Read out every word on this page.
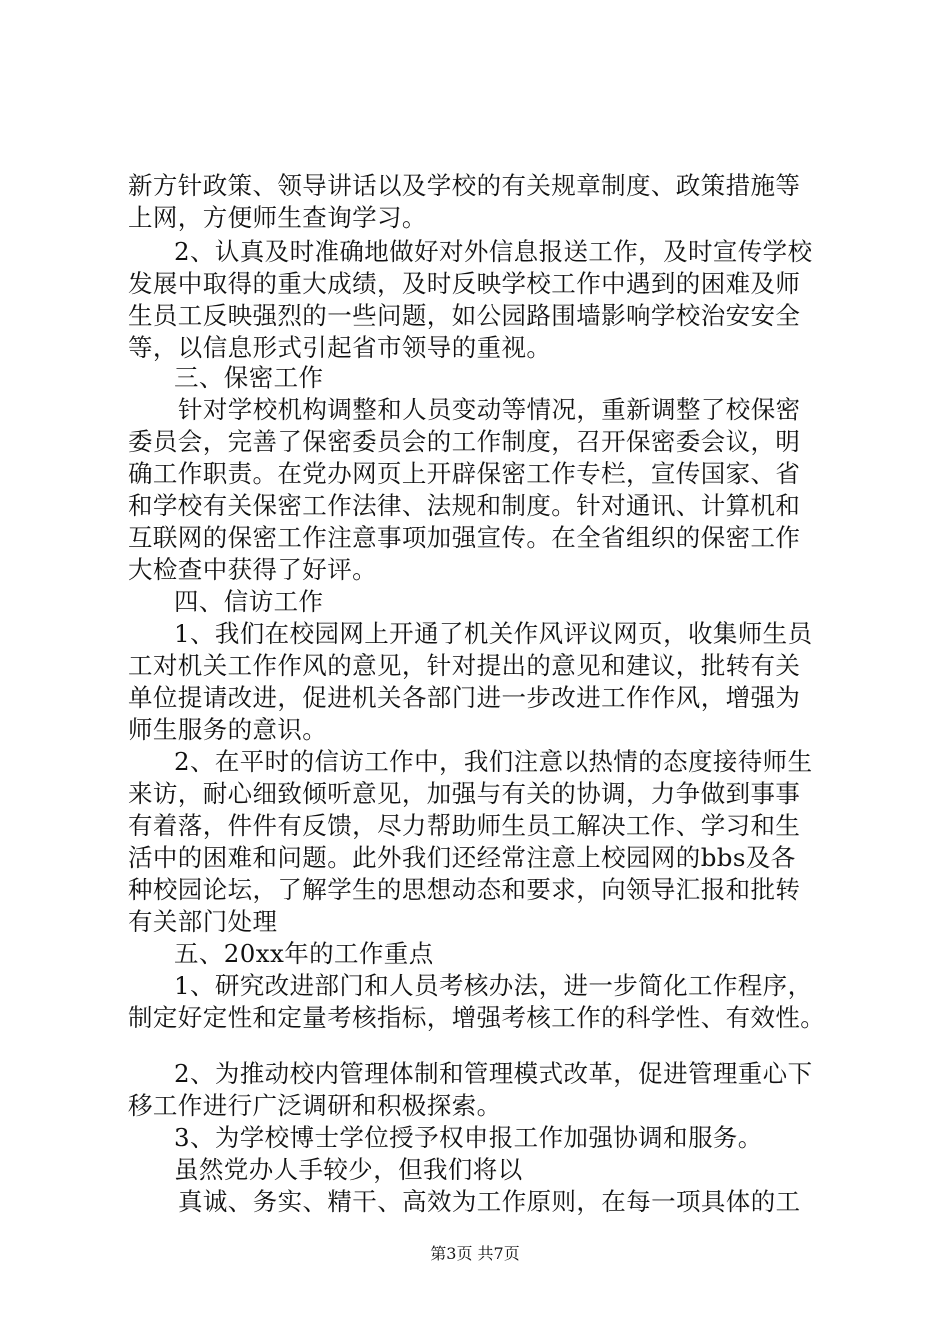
新方针政策、领导讲话以及学校的有关规章制度、政策措施等
上网，方便师生查询学习。
2、认真及时准确地做好对外信息报送工作，及时宣传学校
发展中取得的重大成绩，及时反映学校工作中遇到的困难及师
生员工反映强烈的一些问题，如公园路围墙影响学校治安安全
等，以信息形式引起省市领导的重视。
三、保密工作
针对学校机构调整和人员变动等情况，重新调整了校保密
委员会，完善了保密委员会的工作制度，召开保密委会议，明
确工作职责。在党办网页上开辟保密工作专栏，宣传国家、省
和学校有关保密工作法律、法规和制度。针对通讯、计算机和
互联网的保密工作注意事项加强宣传。在全省组织的保密工作
大检查中获得了好评。
四、信访工作
1、我们在校园网上开通了机关作风评议网页，收集师生员
工对机关工作作风的意见，针对提出的意见和建议，批转有关
单位提请改进，促进机关各部门进一步改进工作作风，增强为
师生服务的意识。
2、在平时的信访工作中，我们注意以热情的态度接待师生
来访，耐心细致倾听意见，加强与有关的协调，力争做到事事
有着落，件件有反馈，尽力帮助师生员工解决工作、学习和生
活中的困难和问题。此外我们还经常注意上校园网的bbs及各
种校园论坛，了解学生的思想动态和要求，向领导汇报和批转
有关部门处理
五、20xx年的工作重点
1、研究改进部门和人员考核办法，进一步简化工作程序，
制定好定性和定量考核指标，增强考核工作的科学性、有效性。
2、为推动校内管理体制和管理模式改革，促进管理重心下
移工作进行广泛调研和积极探索。
3、为学校博士学位授予权申报工作加强协调和服务。
虽然党办人手较少，但我们将以
真诚、务实、精干、高效为工作原则，在每一项具体的工
第3页 共7页
